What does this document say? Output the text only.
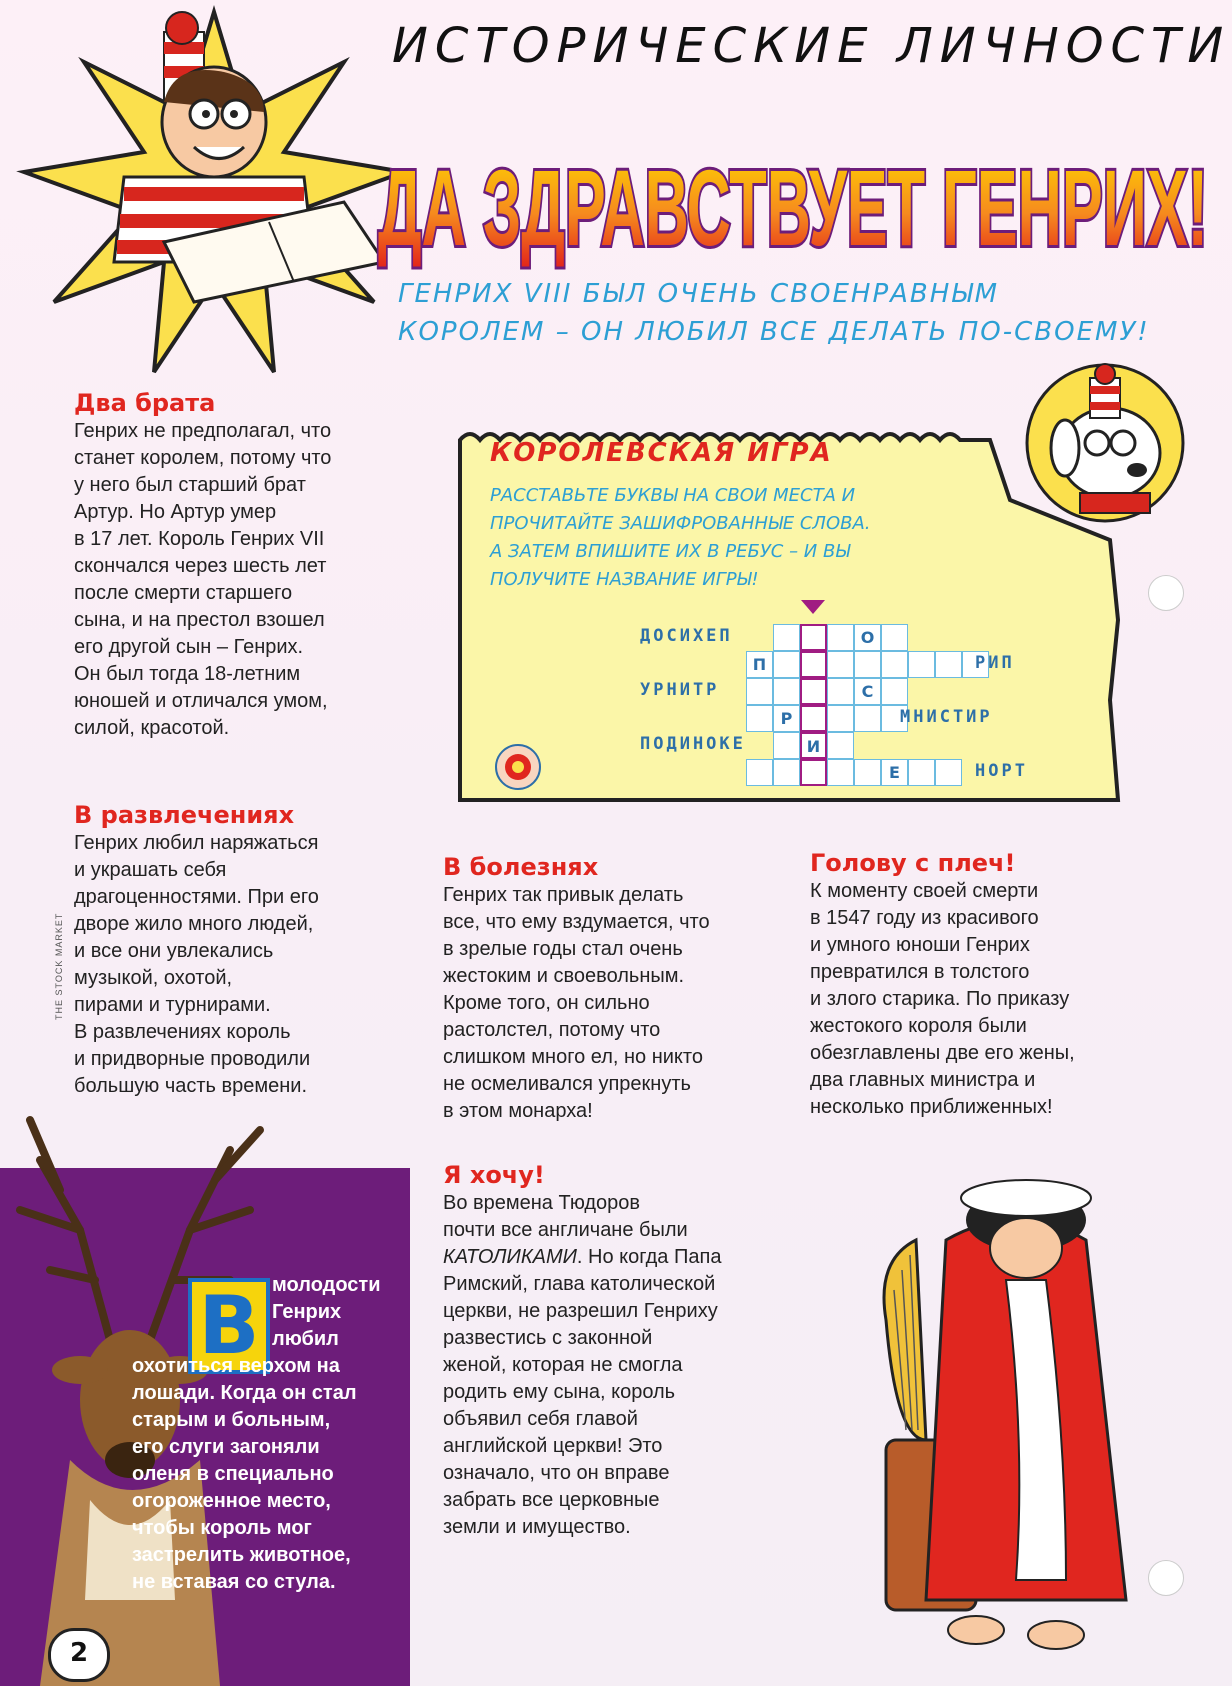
ИСТОРИЧЕСКИЕ ЛИЧНОСТИ
ДА ЗДРАВСТВУЕТ ГЕНРИХ!
ГЕНРИХ VIII БЫЛ ОЧЕНЬ СВОЕНРАВНЫМ
КОРОЛЕМ – ОН ЛЮБИЛ ВСЕ ДЕЛАТЬ ПО-СВОЕМУ!
Два брата
Генрих не предполагал, что
станет королем, потому что
у него был старший брат
Артур. Но Артур умер
в 17 лет. Король Генрих VII
скончался через шесть лет
после смерти старшего
сына, и на престол взошел
его другой сын – Генрих.
Он был тогда 18-летним
юношей и отличался умом,
силой, красотой.
В развлечениях
Генрих любил наряжаться
и украшать себя
драгоценностями. При его
дворе жило много людей,
и все они увлекались
музыкой, охотой,
пирами и турнирами.
В развлечениях король
и придворные проводили
большую часть времени.
THE STOCK MARKET
КОРОЛЕВСКАЯ ИГРА
РАССТАВЬТЕ БУКВЫ НА СВОИ МЕСТА И
ПРОЧИТАЙТЕ ЗАШИФРОВАННЫЕ СЛОВА.
А ЗАТЕМ ВПИШИТЕ ИХ В РЕБУС – И ВЫ
ПОЛУЧИТЕ НАЗВАНИЕ ИГРЫ!
ДОСИХЕП	О
П	РИП
УРНИТР	С
Р	МНИСТИР
ПОДИНОКЕ	И
Е	НОРТ
В болезнях
Генрих так привык делать
все, что ему вздумается, что
в зрелые годы стал очень
жестоким и своевольным.
Кроме того, он сильно
растолстел, потому что
слишком много ел, но никто
не осмеливался упрекнуть
в этом монарха!
Голову с плеч!
К моменту своей смерти
в 1547 году из красивого
и умного юноши Генрих
превратился в толстого
и злого старика. По приказу
жестокого короля были
обезглавлены две его жены,
два главных министра и
несколько приближенных!
Я хочу!
Во времена Тюдоров
почти все англичане были
КАТОЛИКАМИ. Но когда Папа
Римский, глава католической
церкви, не разрешил Генриху
развестись с законной
женой, которая не смогла
родить ему сына, король
объявил себя главой
английской церкви! Это
означало, что он вправе
забрать все церковные
земли и имущество.
В молодости
Генрих
любил
охотиться верхом на
лошади. Когда он стал
старым и больным,
его слуги загоняли
оленя в специально
огороженное место,
чтобы король мог
застрелить животное,
не вставая со стула.
2
